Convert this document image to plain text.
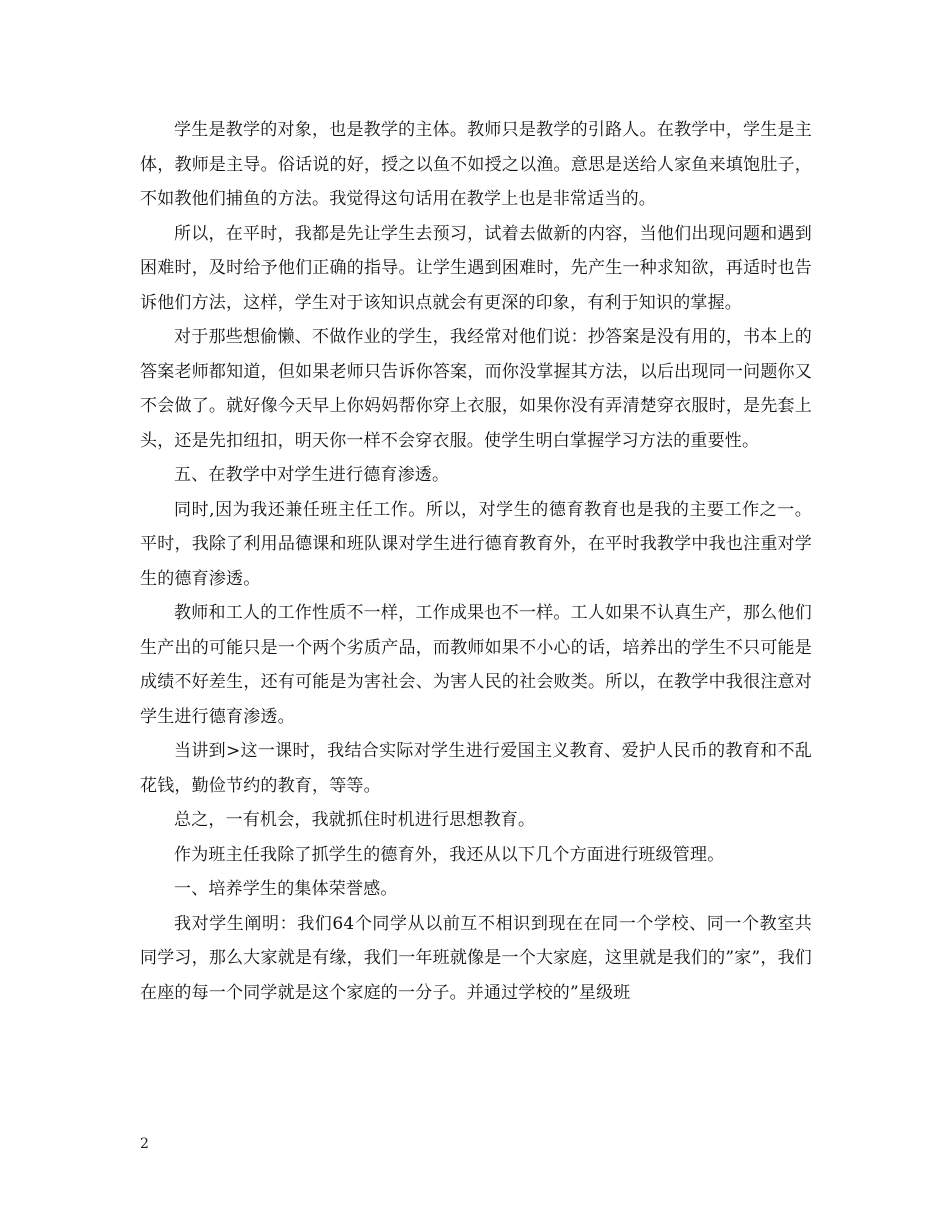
学生是教学的对象，也是教学的主体。教师只是教学的引路人。在教学中，学生是主体，教师是主导。俗话说的好，授之以鱼不如授之以渔。意思是送给人家鱼来填饱肚子，不如教他们捕鱼的方法。我觉得这句话用在教学上也是非常适当的。

所以，在平时，我都是先让学生去预习，试着去做新的内容，当他们出现问题和遇到困难时，及时给予他们正确的指导。让学生遇到困难时，先产生一种求知欲，再适时也告诉他们方法，这样，学生对于该知识点就会有更深的印象，有利于知识的掌握。

对于那些想偷懒、不做作业的学生，我经常对他们说：抄答案是没有用的，书本上的答案老师都知道，但如果老师只告诉你答案，而你没掌握其方法，以后出现同一问题你又不会做了。就好像今天早上你妈妈帮你穿上衣服，如果你没有弄清楚穿衣服时，是先套上头，还是先扣纽扣，明天你一样不会穿衣服。使学生明白掌握学习方法的重要性。

五、在教学中对学生进行德育渗透。

同时,因为我还兼任班主任工作。所以，对学生的德育教育也是我的主要工作之一。平时，我除了利用品德课和班队课对学生进行德育教育外，在平时我教学中我也注重对学生的德育渗透。

教师和工人的工作性质不一样，工作成果也不一样。工人如果不认真生产，那么他们生产出的可能只是一个两个劣质产品，而教师如果不小心的话，培养出的学生不只可能是成绩不好差生，还有可能是为害社会、为害人民的社会败类。所以，在教学中我很注意对学生进行德育渗透。

当讲到>这一课时，我结合实际对学生进行爱国主义教育、爱护人民币的教育和不乱花钱，勤俭节约的教育，等等。

总之，一有机会，我就抓住时机进行思想教育。

作为班主任我除了抓学生的德育外，我还从以下几个方面进行班级管理。

一、培养学生的集体荣誉感。

我对学生阐明：我们64个同学从以前互不相识到现在在同一个学校、同一个教室共同学习，那么大家就是有缘，我们一年班就像是一个大家庭，这里就是我们的”家”，我们在座的每一个同学就是这个家庭的一分子。并通过学校的”星级班

2
